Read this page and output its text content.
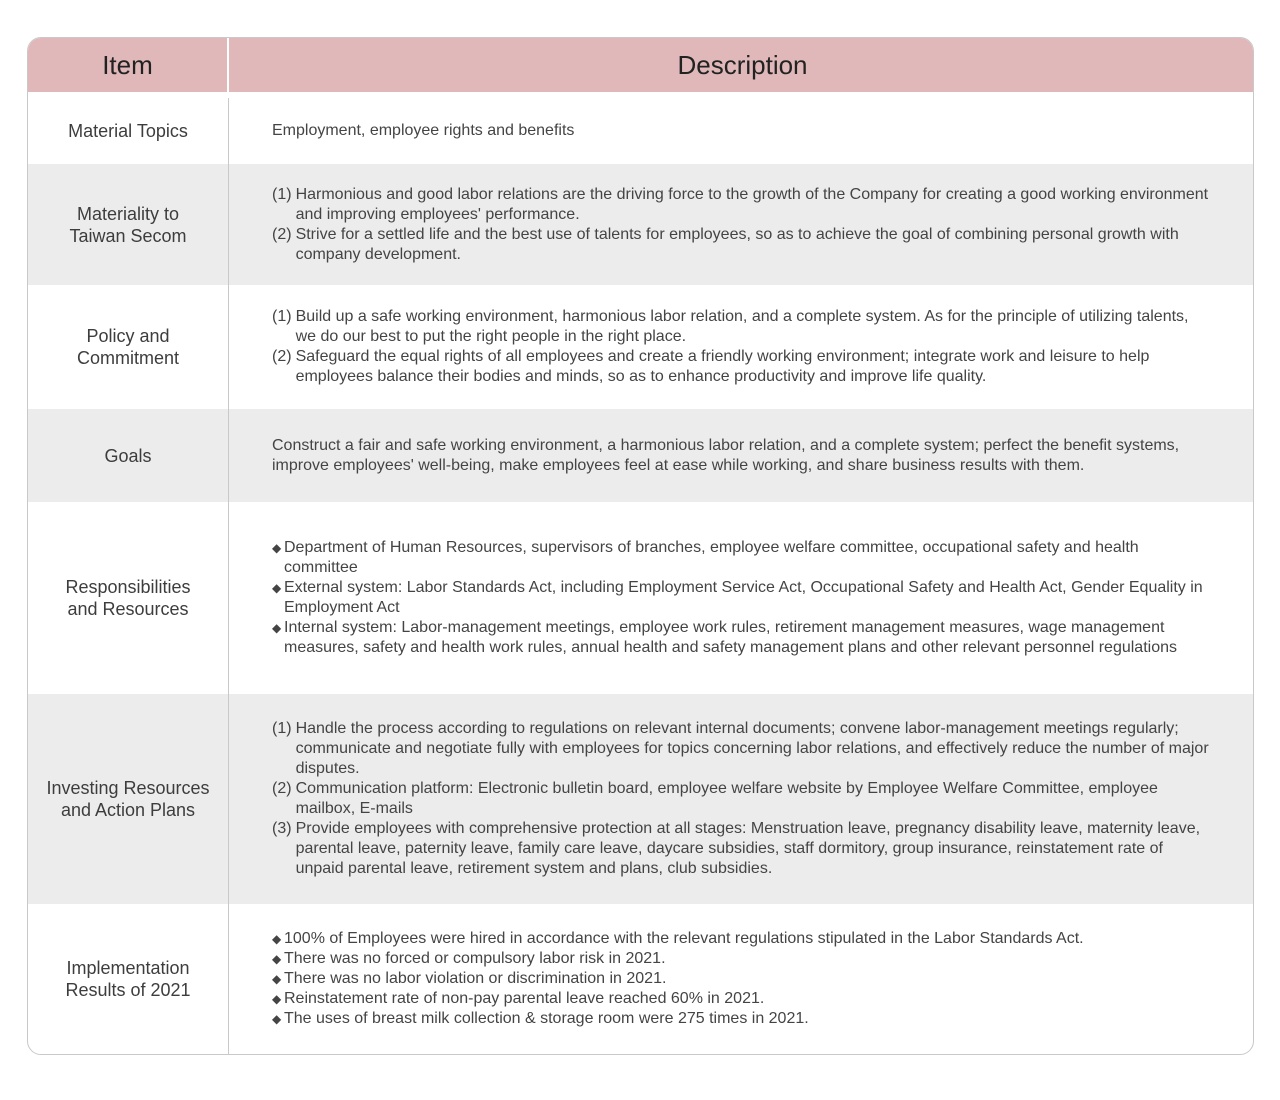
Item	Description
Material Topics	Employment, employee rights and benefits
Materiality to
Taiwan Secom
(1) Harmonious and good labor relations are the driving force to the growth of the Company for creating a good working environment and improving employees' performance.
(2) Strive for a settled life and the best use of talents for employees, so as to achieve the goal of combining personal growth with company development.
Policy and
Commitment
(1) Build up a safe working environment, harmonious labor relation, and a complete system. As for the principle of utilizing talents, we do our best to put the right people in the right place.
(2) Safeguard the equal rights of all employees and create a friendly working environment; integrate work and leisure to help employees balance their bodies and minds, so as to enhance productivity and improve life quality.
Goals
Construct a fair and safe working environment, a harmonious labor relation, and a complete system; perfect the benefit systems, improve employees' well-being, make employees feel at ease while working, and share business results with them.
Responsibilities
and Resources
◆ Department of Human Resources, supervisors of branches, employee welfare committee, occupational safety and health committee
◆ External system: Labor Standards Act, including Employment Service Act, Occupational Safety and Health Act, Gender Equality in Employment Act
◆ Internal system: Labor-management meetings, employee work rules, retirement management measures, wage management measures, safety and health work rules, annual health and safety management plans and other relevant personnel regulations
Investing Resources
and Action Plans
(1) Handle the process according to regulations on relevant internal documents; convene labor-management meetings regularly; communicate and negotiate fully with employees for topics concerning labor relations, and effectively reduce the number of major disputes.
(2) Communication platform: Electronic bulletin board, employee welfare website by Employee Welfare Committee, employee mailbox, E-mails
(3) Provide employees with comprehensive protection at all stages: Menstruation leave, pregnancy disability leave, maternity leave, parental leave, paternity leave, family care leave, daycare subsidies, staff dormitory, group insurance, reinstatement rate of unpaid parental leave, retirement system and plans, club subsidies.
Implementation
Results of 2021
◆ 100% of Employees were hired in accordance with the relevant regulations stipulated in the Labor Standards Act.
◆ There was no forced or compulsory labor risk in 2021.
◆ There was no labor violation or discrimination in 2021.
◆ Reinstatement rate of non-pay parental leave reached 60% in 2021.
◆ The uses of breast milk collection & storage room were 275 times in 2021.
